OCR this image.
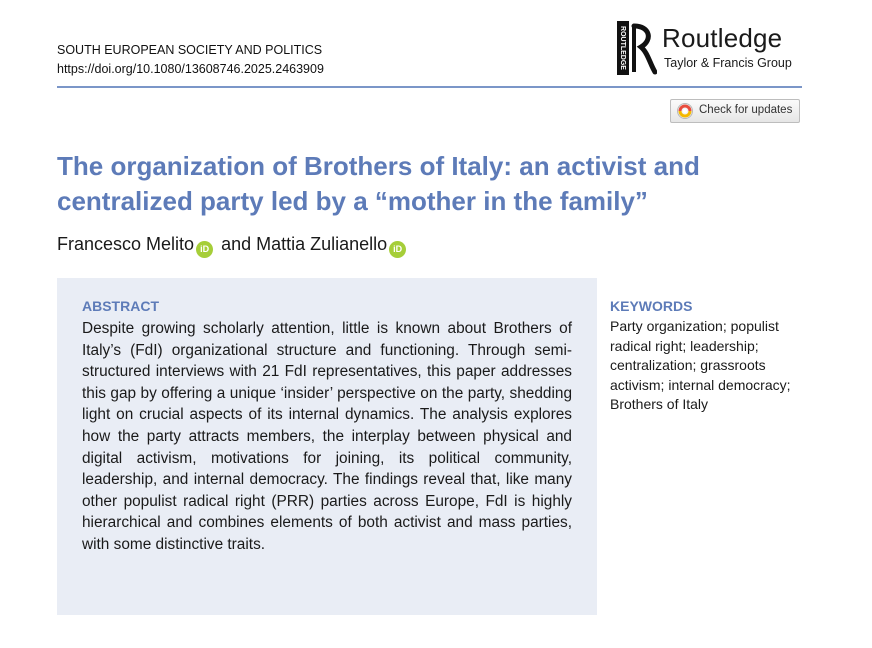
SOUTH EUROPEAN SOCIETY AND POLITICS
https://doi.org/10.1080/13608746.2025.2463909	ROUTLEDGE Routledge
Taylor & Francis Group
Check for updates
The organization of Brothers of Italy: an activist and centralized party led by a “mother in the family”
Francesco Melito iD and Mattia Zulianello iD
ABSTRACT

Despite growing scholarly attention, little is known about Brothers of Italy’s (FdI) organizational structure and functioning. Through semi-structured interviews with 21 FdI representatives, this paper addresses this gap by offering a unique ‘insider’ perspective on the party, shedding light on crucial aspects of its internal dynamics. The analysis explores how the party attracts members, the interplay between physical and digital activism, motivations for joining, its political community, leadership, and internal democracy. The findings reveal that, like many other populist radical right (PRR) parties across Europe, FdI is highly hierarchical and combines elements of both activist and mass parties, with some distinctive traits.

KEYWORDS

Party organization; populist radical right; leadership; centralization; grassroots activism; internal democracy; Brothers of Italy
